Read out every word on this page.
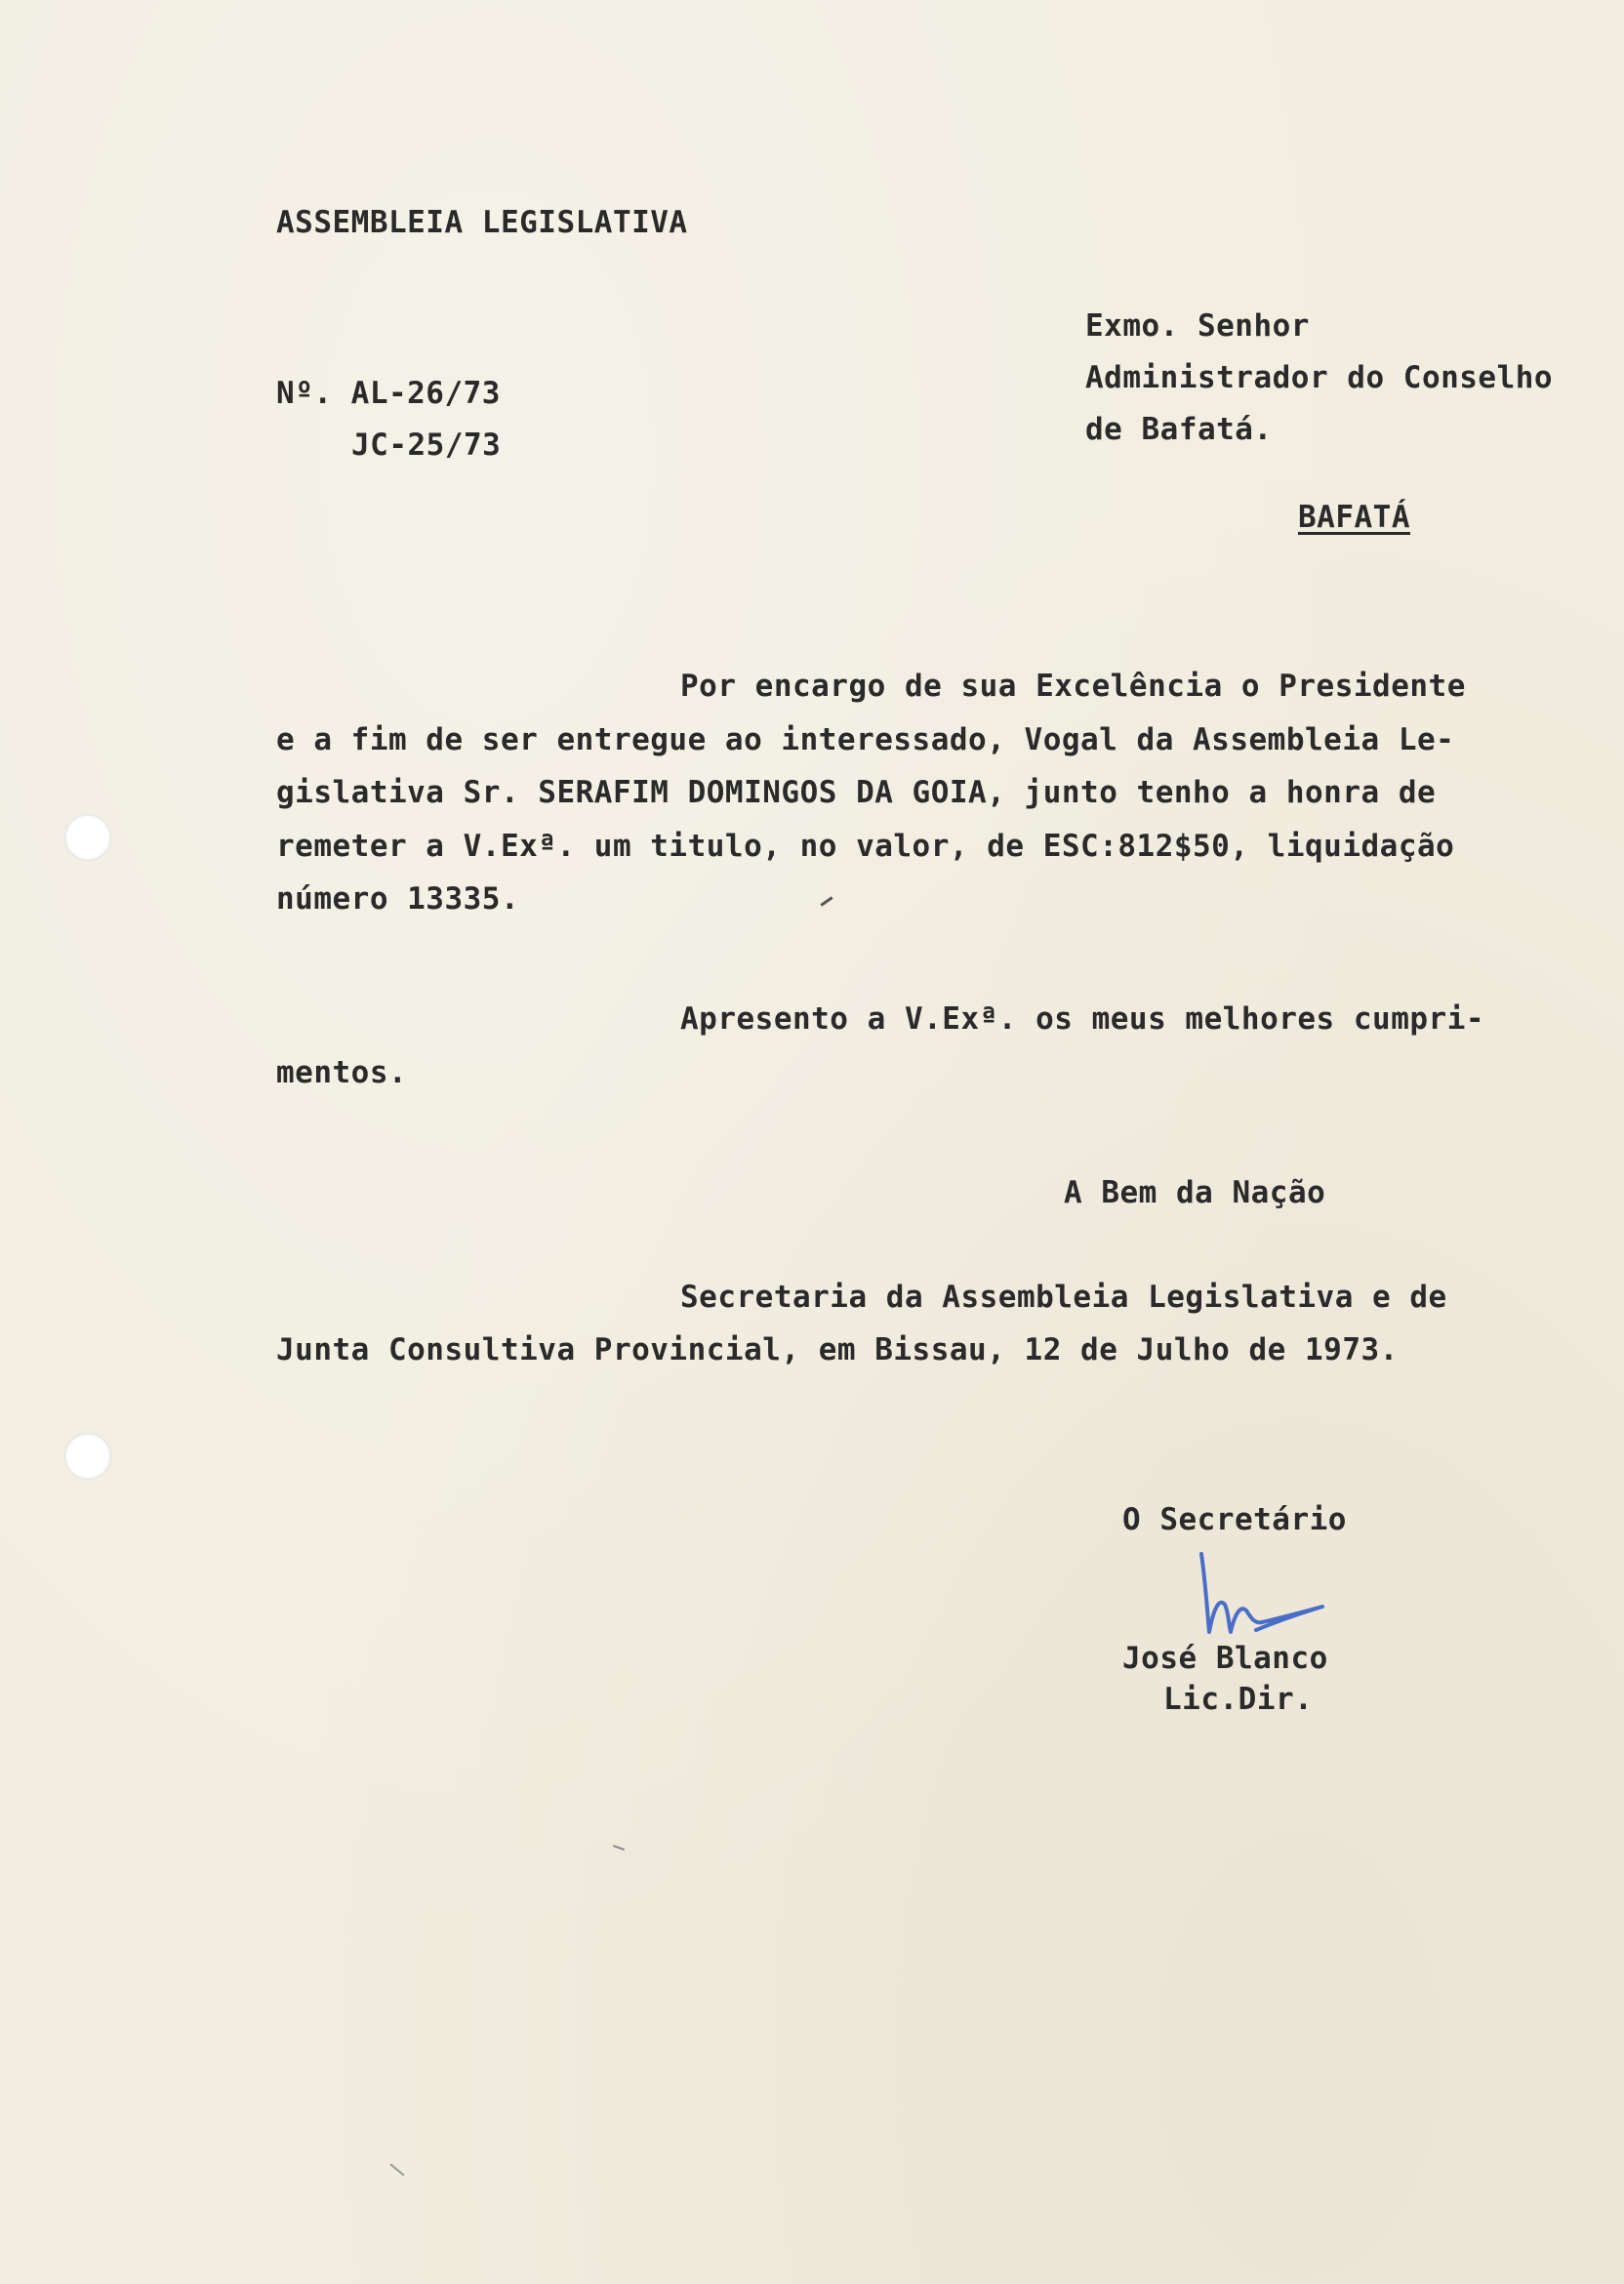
ASSEMBLEIA LEGISLATIVA
Nº. AL-26/73
JC-25/73
Exmo. Senhor
Administrador do Conselho
de Bafatá.
BAFATÁ
Por encargo de sua Excelência o Presidente
e a fim de ser entregue ao interessado, Vogal da Assembleia Le-
gislativa Sr. SERAFIM DOMINGOS DA GOIA, junto tenho a honra de
remeter a V.Exª. um titulo, no valor, de ESC:812$50, liquidação
número 13335.
Apresento a V.Exª. os meus melhores cumpri-
mentos.
A Bem da Nação
Secretaria da Assembleia Legislativa e de
Junta Consultiva Provincial, em Bissau, 12 de Julho de 1973.
O Secretário
José Blanco
Lic.Dir.
